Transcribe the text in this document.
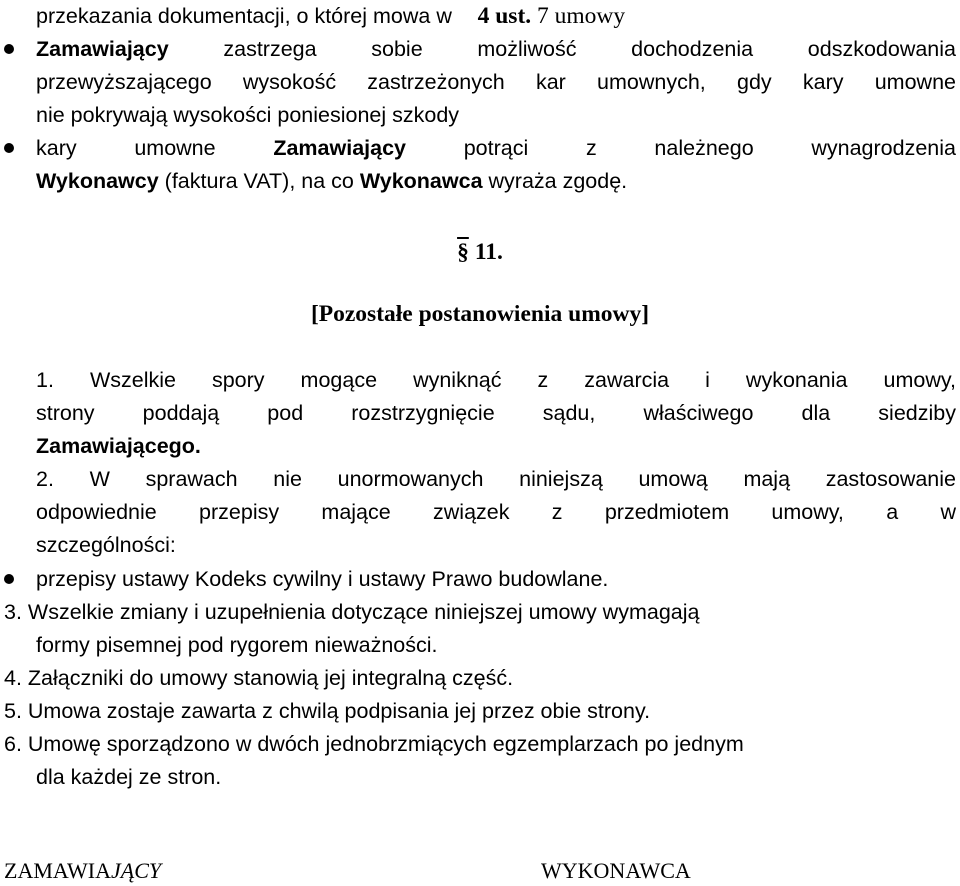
przekazania dokumentacji, o której mowa w 4 ust. 7 umowy
Zamawiający	zastrzega sobie możliwość dochodzenia odszkodowania
przewyższającego wysokość zastrzeżonych kar umownych, gdy kary umowne
nie pokrywają wysokości poniesionej szkody
kary umowne	Zamawiający	potrąci z należnego wynagrodzenia
Wykonawcy (faktura VAT), na co Wykonawca wyraża zgodę.
§ 11.
[Pozostałe postanowienia umowy]
1. Wszelkie spory mogące wyniknąć z zawarcia i wykonania umowy,
strony poddają pod rozstrzygnięcie sądu, właściwego dla siedziby
Zamawiającego.
2. W sprawach nie unormowanych niniejszą umową mają zastosowanie
odpowiednie przepisy mające związek z przedmiotem umowy, a w
szczególności:
przepisy ustawy Kodeks cywilny i ustawy Prawo budowlane.
3. Wszelkie zmiany i uzupełnienia dotyczące niniejszej umowy wymagają
formy pisemnej pod rygorem nieważności.
4. Załączniki do umowy stanowią jej integralną część.
5. Umowa zostaje zawarta z chwilą podpisania jej przez obie strony.
6. Umowę sporządzono w dwóch jednobrzmiących egzemplarzach po jednym
dla każdej ze stron.
ZAMAWIAJĄCY	WYKONAWCA
